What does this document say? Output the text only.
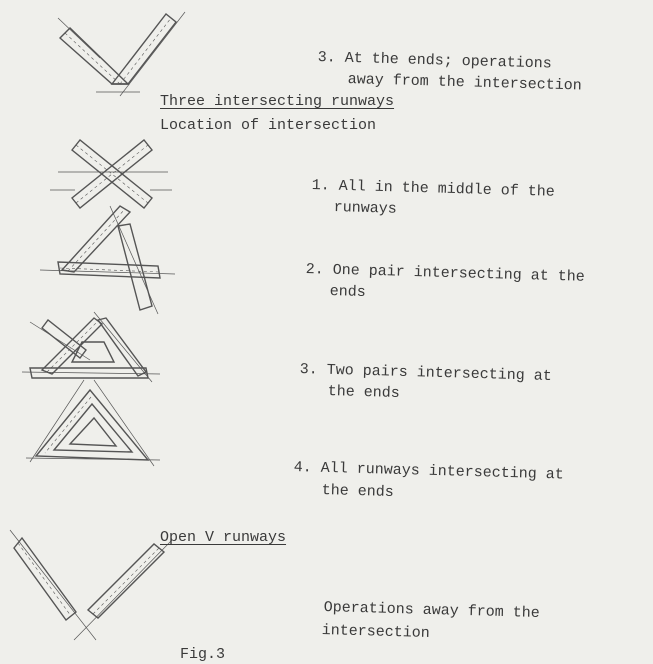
3. At the ends; operations
away from the intersection
Three intersecting runways
Location of intersection
1. All in the middle of the
runways
2. One pair intersecting at the
ends
3. Two pairs intersecting at
the ends
4. All runways intersecting at
the ends
Open V runways
Operations away from the
intersection
Fig.3
